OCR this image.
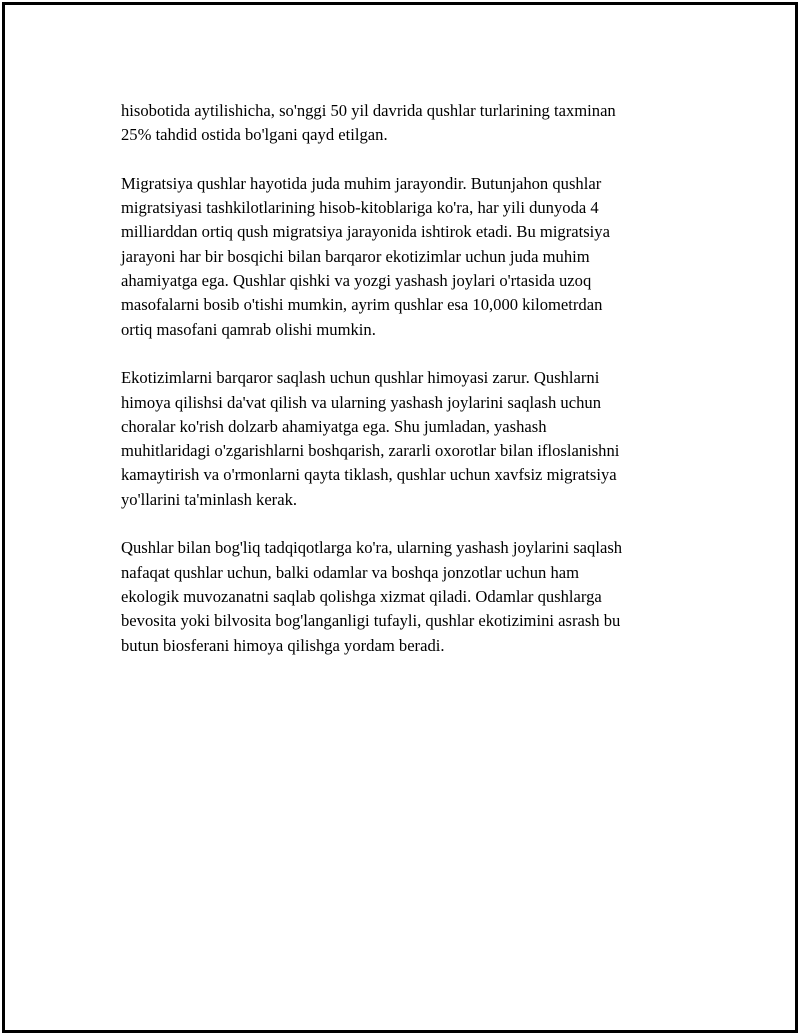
hisobotida aytilishicha, so'nggi 50 yil davrida qushlar turlarining taxminan
25% tahdid ostida bo'lgani qayd etilgan.

Migratsiya qushlar hayotida juda muhim jarayondir. Butunjahon qushlar
migratsiyasi tashkilotlarining hisob-kitoblariga ko'ra, har yili dunyoda 4
milliarddan ortiq qush migratsiya jarayonida ishtirok etadi. Bu migratsiya
jarayoni har bir bosqichi bilan barqaror ekotizimlar uchun juda muhim
ahamiyatga ega. Qushlar qishki va yozgi yashash joylari o'rtasida uzoq
masofalarni bosib o'tishi mumkin, ayrim qushlar esa 10,000 kilometrdan
ortiq masofani qamrab olishi mumkin.

Ekotizimlarni barqaror saqlash uchun qushlar himoyasi zarur. Qushlarni
himoya qilishsi da'vat qilish va ularning yashash joylarini saqlash uchun
choralar ko'rish dolzarb ahamiyatga ega. Shu jumladan, yashash
muhitlaridagi o'zgarishlarni boshqarish, zararli oxorotlar bilan ifloslanishni
kamaytirish va o'rmonlarni qayta tiklash, qushlar uchun xavfsiz migratsiya
yo'llarini ta'minlash kerak.

Qushlar bilan bog'liq tadqiqotlarga ko'ra, ularning yashash joylarini saqlash
nafaqat qushlar uchun, balki odamlar va boshqa jonzotlar uchun ham
ekologik muvozanatni saqlab qolishga xizmat qiladi. Odamlar qushlarga
bevosita yoki bilvosita bog'langanligi tufayli, qushlar ekotizimini asrash bu
butun biosferani himoya qilishga yordam beradi.
